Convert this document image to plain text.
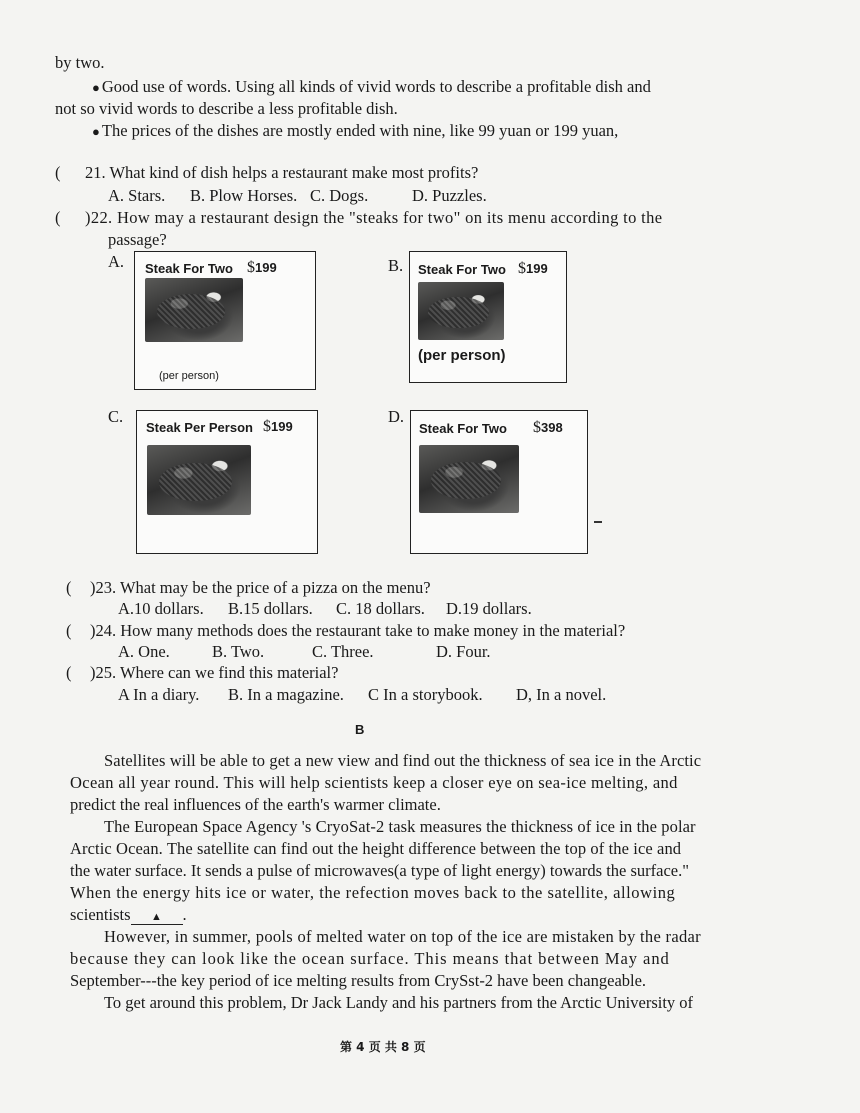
by two.
● Good use of words. Using all kinds of vivid words to describe a profitable dish and
not so vivid words to describe a less profitable dish.
● The prices of the dishes are mostly ended with nine, like 99 yuan or 199 yuan,
( 21. What kind of dish helps a restaurant make most profits?
A. Stars. B. Plow Horses. C. Dogs.	D. Puzzles.
( )22. How may a restaurant design the "steaks for two" on its menu according to the
passage?
A. Steak For Two $199
(per person)
B. Steak For Two $199
(per person)
C.
Steak Per Person $199
D.
Steak For Two $398
( )23. What may be the price of a pizza on the menu?
A.10 dollars. B.15 dollars. C. 18 dollars. D.19 dollars.
( )24. How many methods does the restaurant take to make money in the material?
A. One.	B. Two.	C. Three.	D. Four.
( )25. Where can we find this material?
A In a diary. B. In a magazine. C In a storybook. D, In a novel.
B
Satellites will be able to get a new view and find out the thickness of sea ice in the Arctic
Ocean all year round. This will help scientists keep a closer eye on sea-ice melting, and
predict the real influences of the earth's warmer climate.
The European Space Agency 's CryoSat-2 task measures the thickness of ice in the polar
Arctic Ocean. The satellite can find out the height difference between the top of the ice and
the water surface. It sends a pulse of microwaves(a type of light energy) towards the surface."
When the energy hits ice or water, the refection moves back to the satellite, allowing
scientists ▲ .
However, in summer, pools of melted water on top of the ice are mistaken by the radar
because they can look like the ocean surface. This means that between May and
September---the key period of ice melting results from CrySst-2 have been changeable.
To get around this problem, Dr Jack Landy and his partners from the Arctic University of
第 4 页 共 8 页
